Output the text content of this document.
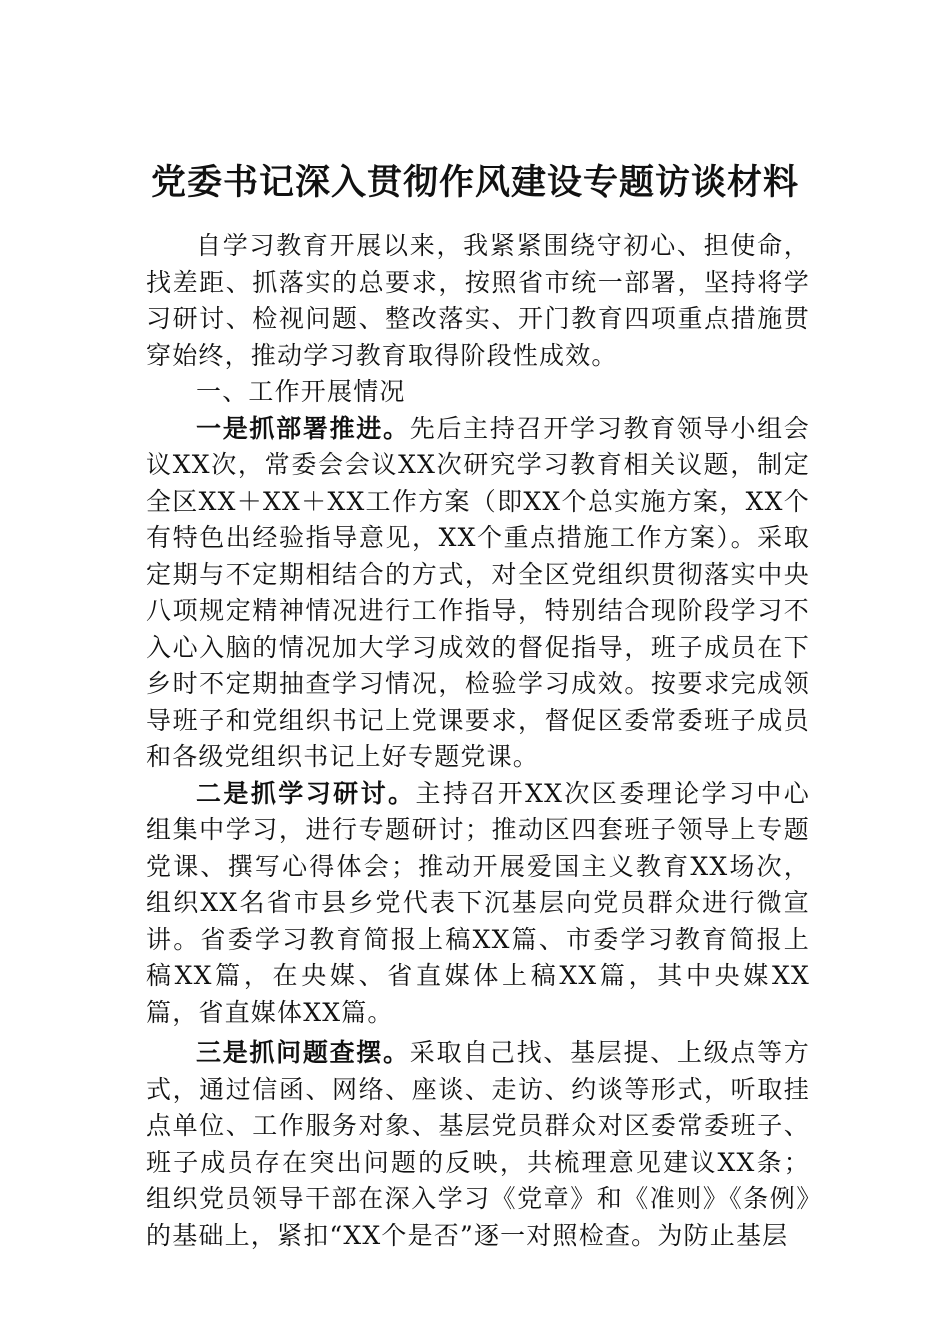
党委书记深入贯彻作风建设专题访谈材料

自学习教育开展以来，我紧紧围绕守初心、担使命，找差距、抓落实的总要求，按照省市统一部署，坚持将学习研讨、检视问题、整改落实、开门教育四项重点措施贯穿始终，推动学习教育取得阶段性成效。

一、工作开展情况

一是抓部署推进。先后主持召开学习教育领导小组会议XX次，常委会会议XX次研究学习教育相关议题，制定全区XX＋XX＋XX工作方案（即XX个总实施方案，XX个有特色出经验指导意见，XX个重点措施工作方案）。采取定期与不定期相结合的方式，对全区党组织贯彻落实中央八项规定精神情况进行工作指导，特别结合现阶段学习不入心入脑的情况加大学习成效的督促指导，班子成员在下乡时不定期抽查学习情况，检验学习成效。按要求完成领导班子和党组织书记上党课要求，督促区委常委班子成员和各级党组织书记上好专题党课。

二是抓学习研讨。主持召开XX次区委理论学习中心组集中学习，进行专题研讨；推动区四套班子领导上专题党课、撰写心得体会；推动开展爱国主义教育XX场次，组织XX名省市县乡党代表下沉基层向党员群众进行微宣讲。省委学习教育简报上稿XX篇、市委学习教育简报上稿XX篇，在央媒、省直媒体上稿XX篇，其中央媒XX篇，省直媒体XX篇。

三是抓问题查摆。采取自己找、基层提、上级点等方式，通过信函、网络、座谈、走访、约谈等形式，听取挂点单位、工作服务对象、基层党员群众对区委常委班子、班子成员存在突出问题的反映，共梳理意见建议XX条；组织党员领导干部在深入学习《党章》和《准则》《条例》的基础上，紧扣“XX个是否”逐一对照检查。为防止基层
